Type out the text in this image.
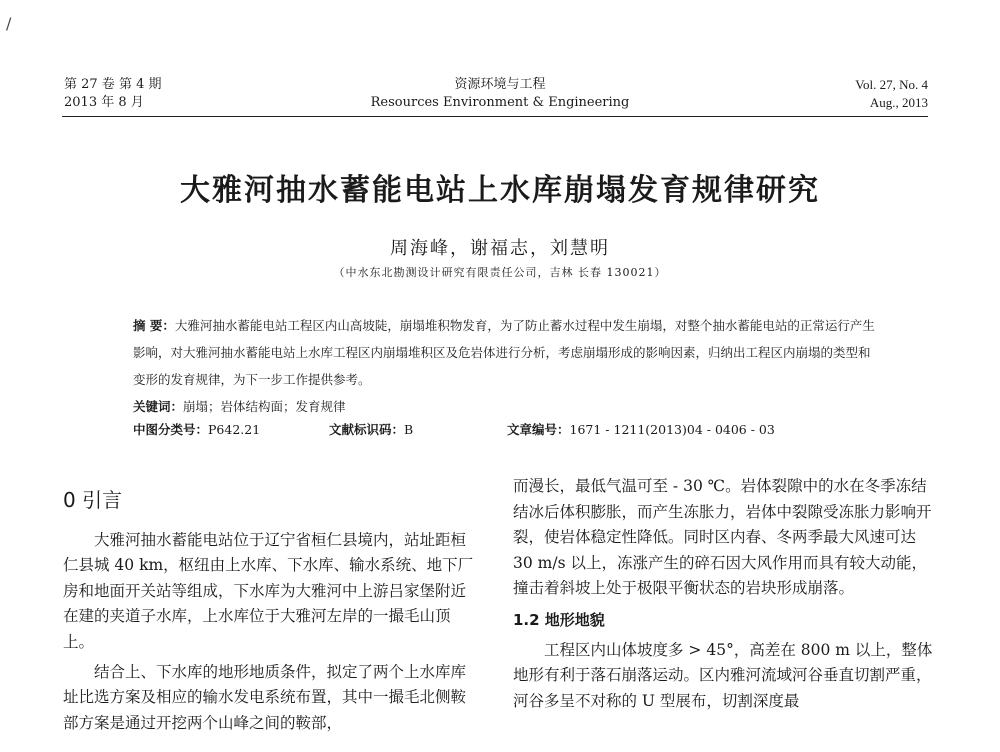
/
第 27 卷 第 4 期
2013 年 8 月
资源环境与工程
Resources Environment & Engineering
Vol. 27, No. 4
Aug., 2013
大雅河抽水蓄能电站上水库崩塌发育规律研究
周海峰，谢福志，刘慧明
（中水东北勘测设计研究有限责任公司，吉林 长春 130021）
摘 要：大雅河抽水蓄能电站工程区内山高坡陡，崩塌堆积物发育，为了防止蓄水过程中发生崩塌，对整个抽水蓄能电站的正常运行产生影响，对大雅河抽水蓄能电站上水库工程区内崩塌堆积区及危岩体进行分析，考虑崩塌形成的影响因素，归纳出工程区内崩塌的类型和变形的发育规律，为下一步工作提供参考。
关键词：崩塌；岩体结构面；发育规律
中图分类号：P642.21	文献标识码：B	文章编号：1671 - 1211(2013)04 - 0406 - 03
0 引言

大雅河抽水蓄能电站位于辽宁省桓仁县境内，站址距桓仁县城 40 km，枢纽由上水库、下水库、输水系统、地下厂房和地面开关站等组成，下水库为大雅河中上游吕家堡附近在建的夹道子水库，上水库位于大雅河左岸的一撮毛山顶上。

结合上、下水库的地形地质条件，拟定了两个上水库库址比选方案及相应的输水发电系统布置，其中一撮毛北侧鞍部方案是通过开挖两个山峰之间的鞍部，

而漫长，最低气温可至 - 30 ℃。岩体裂隙中的水在冬季冻结结冰后体积膨胀，而产生冻胀力，岩体中裂隙受冻胀力影响开裂，使岩体稳定性降低。同时区内春、冬两季最大风速可达 30 m/s 以上，冻涨产生的碎石因大风作用而具有较大动能，撞击着斜坡上处于极限平衡状态的岩块形成崩落。

1.2 地形地貌

工程区内山体坡度多 > 45°，高差在 800 m 以上，整体地形有利于落石崩落运动。区内雅河流域河谷垂直切割严重，河谷多呈不对称的 U 型展布，切割深度最
